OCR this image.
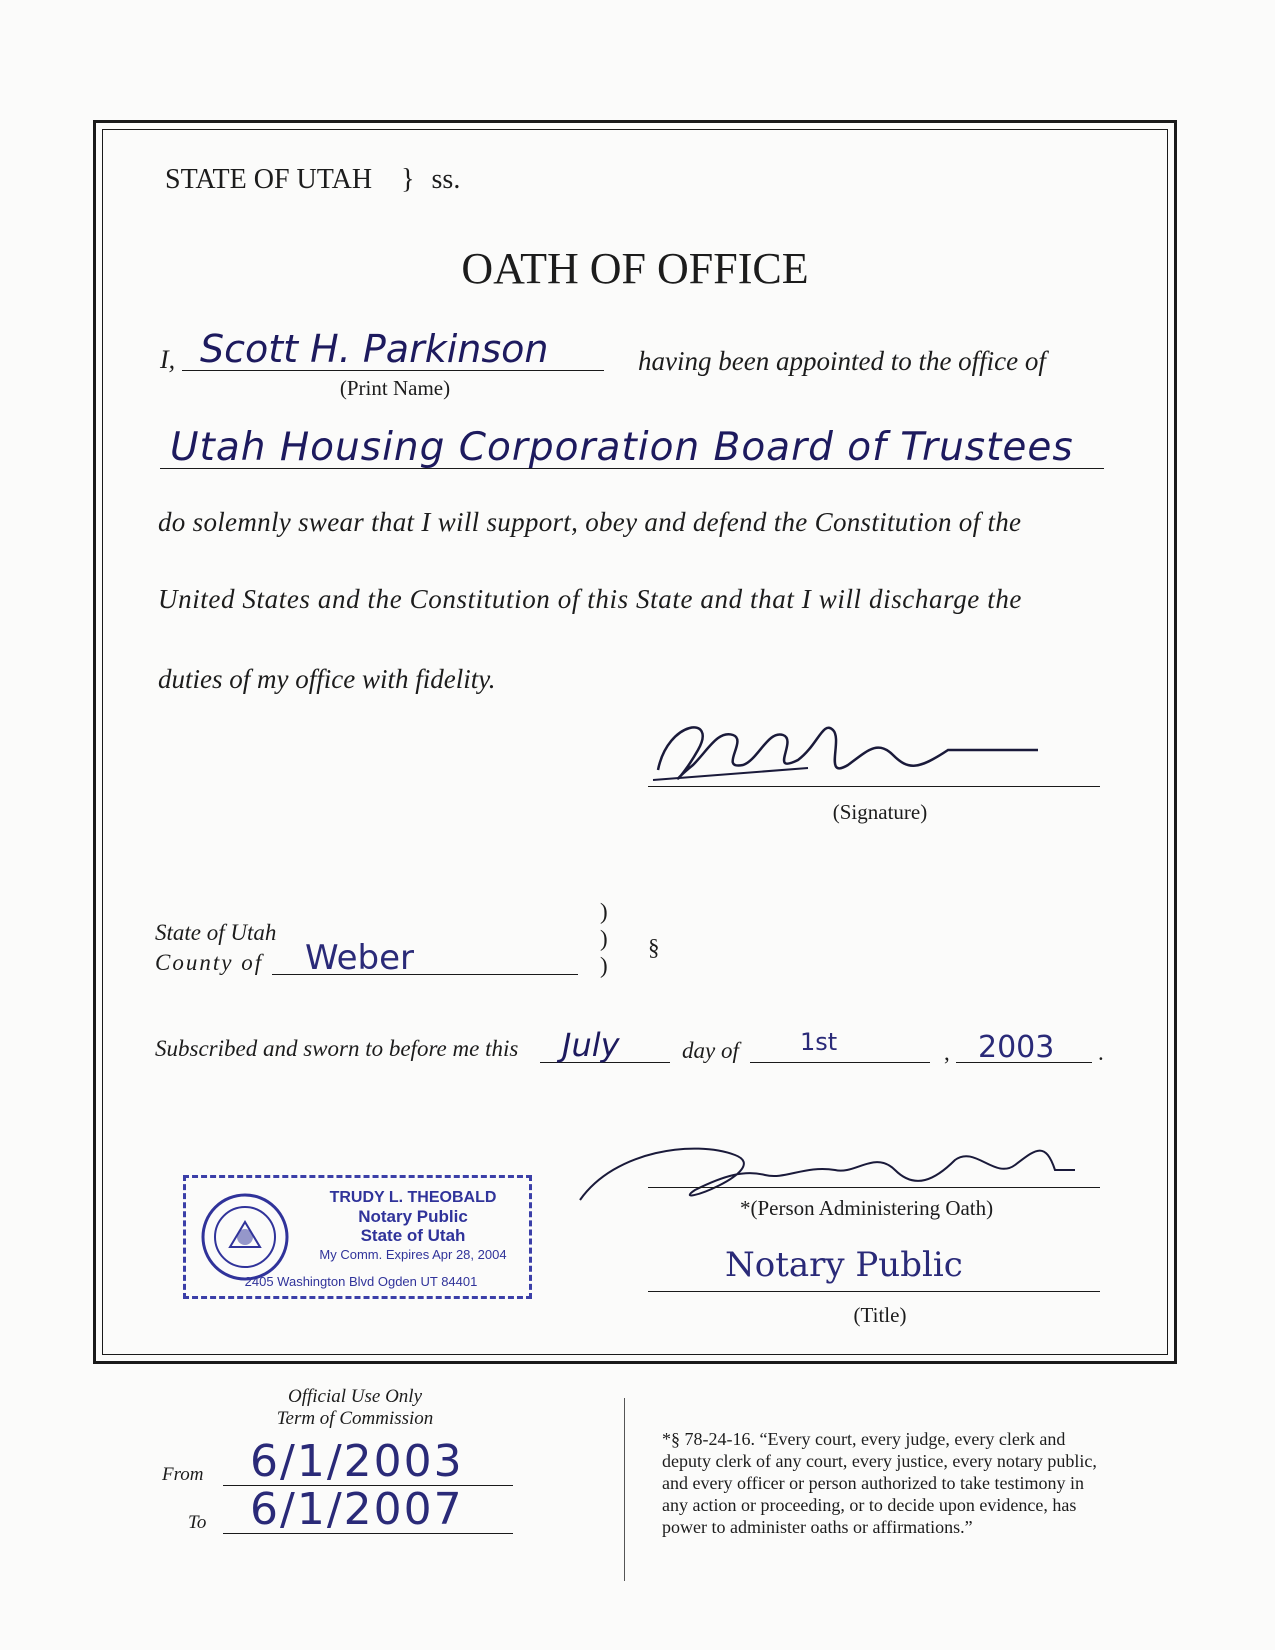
STATE OF UTAH } ss.
OATH OF OFFICE
I, Scott H. Parkinson
(Print Name)
having been appointed to the office of
Utah Housing Corporation Board of Trustees
do solemnly swear that I will support, obey and defend the Constitution of the
United States and the Constitution of this State and that I will discharge the
duties of my office with fidelity.
(Signature)
State of Utah
County of Weber
)
)
)
§
Subscribed and sworn to before me this July	day of	1st	, 2003 .
TRUDY L. THEOBALD
Notary Public
State of Utah
My Comm. Expires Apr 28, 2004
2405 Washington Blvd Ogden UT 84401
*(Person Administering Oath)
Notary Public
(Title)
Official Use Only
Term of Commission
From 6/1/2003
To 6/1/2007
*§ 78-24-16. “Every court, every judge, every clerk and
deputy clerk of any court, every justice, every notary public,
and every officer or person authorized to take testimony in
any action or proceeding, or to decide upon evidence, has
power to administer oaths or affirmations.”
